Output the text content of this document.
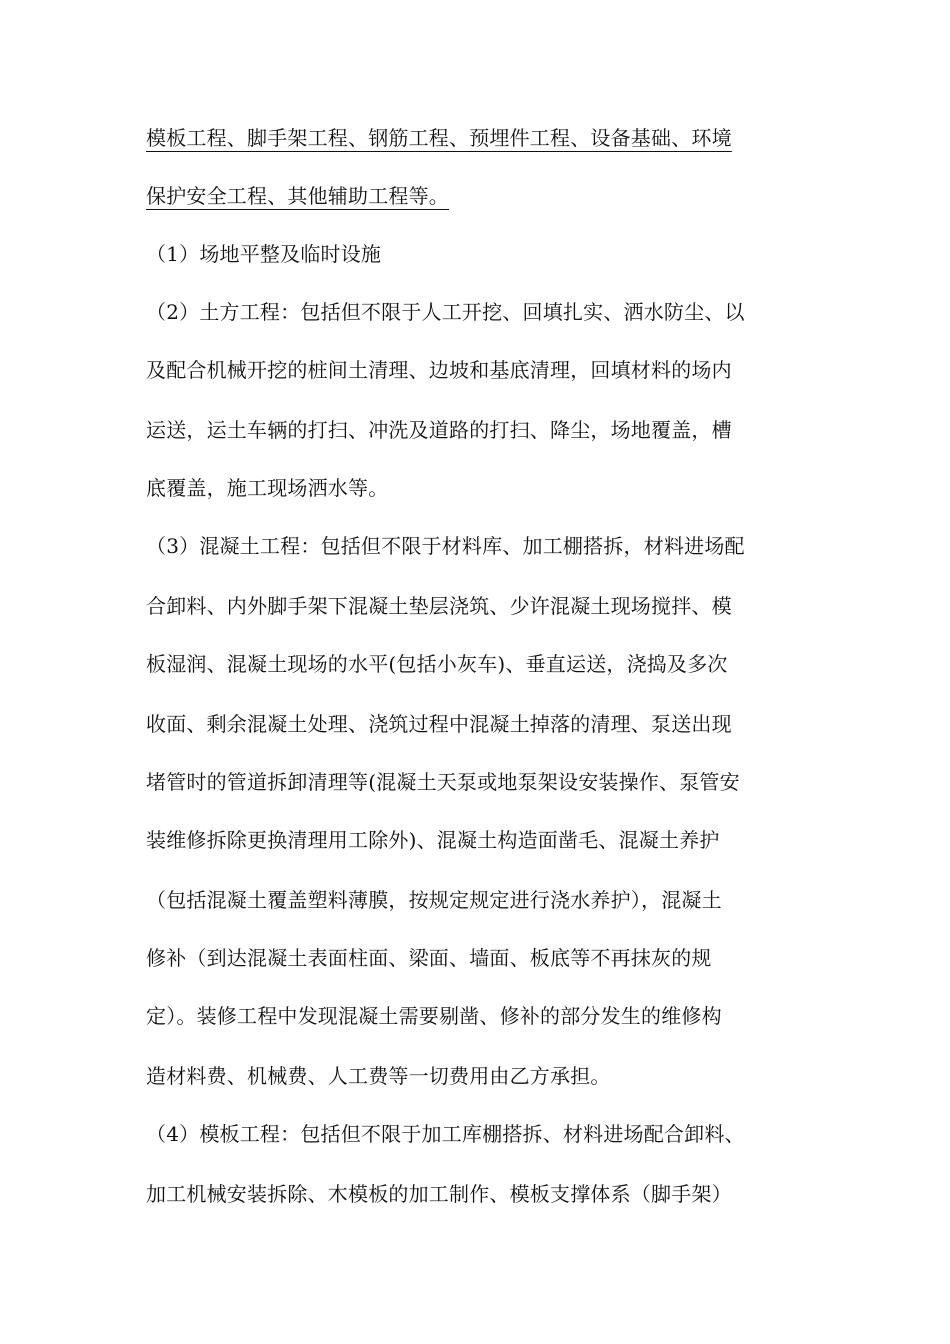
模板工程、脚手架工程、钢筋工程、预埋件工程、设备基础、环境
保护安全工程、其他辅助工程等。
（1）场地平整及临时设施
（2）土方工程：包括但不限于人工开挖、回填扎实、洒水防尘、以
及配合机械开挖的桩间土清理、边坡和基底清理，回填材料的场内
运送，运土车辆的打扫、冲洗及道路的打扫、降尘，场地覆盖，槽
底覆盖，施工现场洒水等。
（3）混凝土工程：包括但不限于材料库、加工棚搭拆，材料进场配
合卸料、内外脚手架下混凝土垫层浇筑、少许混凝土现场搅拌、模
板湿润、混凝土现场的水平(包括小灰车)、垂直运送，浇捣及多次
收面、剩余混凝土处理、浇筑过程中混凝土掉落的清理、泵送出现
堵管时的管道拆卸清理等(混凝土天泵或地泵架设安装操作、泵管安
装维修拆除更换清理用工除外)、混凝土构造面凿毛、混凝土养护
（包括混凝土覆盖塑料薄膜，按规定规定进行浇水养护），混凝土
修补（到达混凝土表面柱面、梁面、墙面、板底等不再抹灰的规
定）。装修工程中发现混凝土需要剔凿、修补的部分发生的维修构
造材料费、机械费、人工费等一切费用由乙方承担。
（4）模板工程：包括但不限于加工库棚搭拆、材料进场配合卸料、
加工机械安装拆除、木模板的加工制作、模板支撑体系（脚手架）
